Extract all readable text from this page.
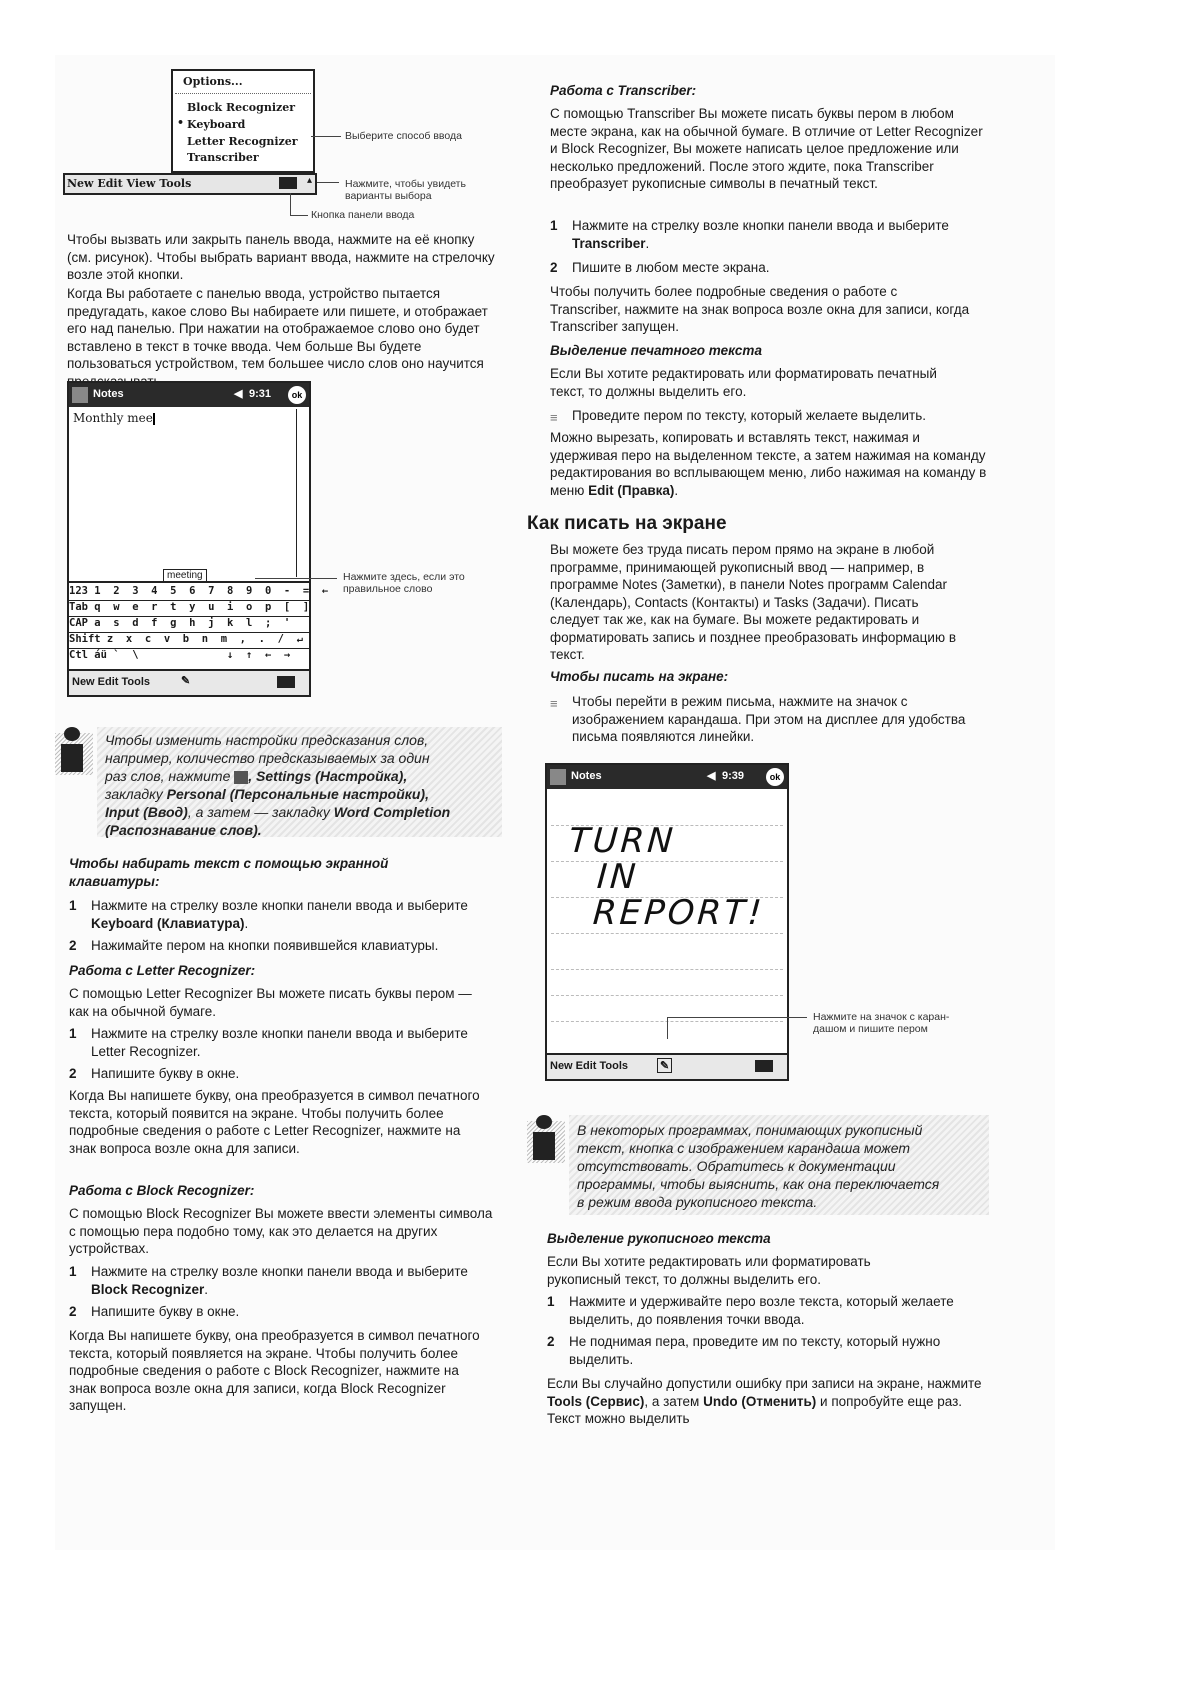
Options...
Block Recognizer
• Keyboard
Letter Recognizer
Transcriber
New Edit View Tools	▴
Выберите способ ввода
Нажмите, чтобы увидеть
варианты выбора
Кнопка панели ввода

Чтобы вызвать или закрыть панель ввода, нажмите на её кнопку (см. рисунок). Чтобы выбрать вариант ввода, нажмите на стрелочку возле этой кнопки.

Когда Вы работаете с панелью ввода, устройство пытается предугадать, какое слово Вы набираете или пишете, и отображает его над панелью. При нажатии на отображаемое слово оно будет вставлено в текст в точке ввода. Чем больше Вы будете пользоваться устройством, тем большее число слов оно научится

Notes	◀ 9:31	ok
Monthly mee
meeting
123 1  2  3  4  5  6  7  8  9  0  -  =  ←
Tab q  w  e  r  t  y  u  i  o  p  [  ]
CAP a  s  d  f  g  h  j  k  l  ;  '
Shift z  x  c  v  b  n  m  ,  .  /  ↵
Ctl áü `  \              ↓  ↑  ←  →
New Edit Tools	✎
Нажмите здесь, если это
правильное слово
Чтобы изменить настройки предсказания слов,
например, количество предсказываемых за один
раз слов, нажмите , Settings (Настройка),
закладку Personal (Персональные настройки),
Input (Ввод), а затем — закладку Word Completion
(Распознавание слов).

Чтобы набирать текст с помощью экранной клавиатуры:

1 Нажмите на стрелку возле кнопки панели ввода и выберите Keyboard (Клавиатура).
2 Нажимайте пером на кнопки появившейся клавиатуры.

Работа с Letter Recognizer:

С помощью Letter Recognizer Вы можете писать буквы пером — как на обычной бумаге.

1 Нажмите на стрелку возле кнопки панели ввода и выберите Letter Recognizer.
2 Напишите букву в окне.

Когда Вы напишете букву, она преобразуется в символ печатного текста, который появится на экране. Чтобы получить более подробные сведения о работе с Letter Recognizer, нажмите на знак вопроса возле окна для записи.

Работа с Block Recognizer:

С помощью Block Recognizer Вы можете ввести элементы символа с помощью пера подобно тому, как это делается на других устройствах.

1 Нажмите на стрелку возле кнопки панели ввода и выберите Block Recognizer.
2 Напишите букву в окне.

Когда Вы напишете букву, она преобразуется в символ печатного текста, который появляется на экране. Чтобы получить более подробные сведения о работе с Block Recognizer, нажмите на знак вопроса возле окна для записи, когда Block Recognizer запущен.

Работа с Transcriber:

С помощью Transcriber Вы можете писать буквы пером в любом месте экрана, как на обычной бумаге. В отличие от Letter Recognizer и Block Recognizer, Вы можете написать целое предложение или несколько предложений. После этого ждите, пока Transcriber преобразует рукописные символы в печатный текст.

1 Нажмите на стрелку возле кнопки панели ввода и выберите Transcriber.
2 Пишите в любом месте экрана.

Чтобы получить более подробные сведения о работе с Transcriber, нажмите на знак вопроса возле окна для записи, когда Transcriber запущен.

Выделение печатного текста

Если Вы хотите редактировать или форматировать печатный текст, то должны выделить его.

≡ Проведите пером по тексту, который желаете выделить.

Можно вырезать, копировать и вставлять текст, нажимая и удерживая перо на выделенном тексте, а затем нажимая на команду редактирования во всплывающем меню, либо нажимая на команду в меню Edit (Правка).

Как писать на экране

Вы можете без труда писать пером прямо на экране в любой программе, принимающей рукописный ввод — например, в программе Notes (Заметки), в панели Notes программ Calendar (Календарь), Contacts (Контакты) и Tasks (Задачи). Писать следует так же, как на бумаге. Вы можете редактировать и форматировать запись и позднее преобразовать информацию в текст.

Чтобы писать на экране:

≡ Чтобы перейти в режим письма, нажмите на значок с изображением карандаша. При этом на дисплее для удобства письма появляются линейки.
Notes	◀ 9:39	ok
TURN
IN
REPORT!
New Edit Tools	✎
Нажмите на значок с каран-
дашом и пишите пером
В некоторых программах, понимающих рукописный
текст, кнопка с изображением карандаша может
отсутствовать. Обратитесь к документации
программы, чтобы выяснить, как она переключается
в режим ввода рукописного текста.

Выделение рукописного текста

Если Вы хотите редактировать или форматировать рукописный текст, то должны выделить его.

1 Нажмите и удерживайте перо возле текста, который желаете выделить, до появления точки ввода.
2 Не поднимая пера, проведите им по тексту, который нужно выделить.

Если Вы случайно допустили ошибку при записи на экране, нажмите Tools (Сервис), а затем Undo (Отменить) и попробуйте еще раз. Текст можно выделить
